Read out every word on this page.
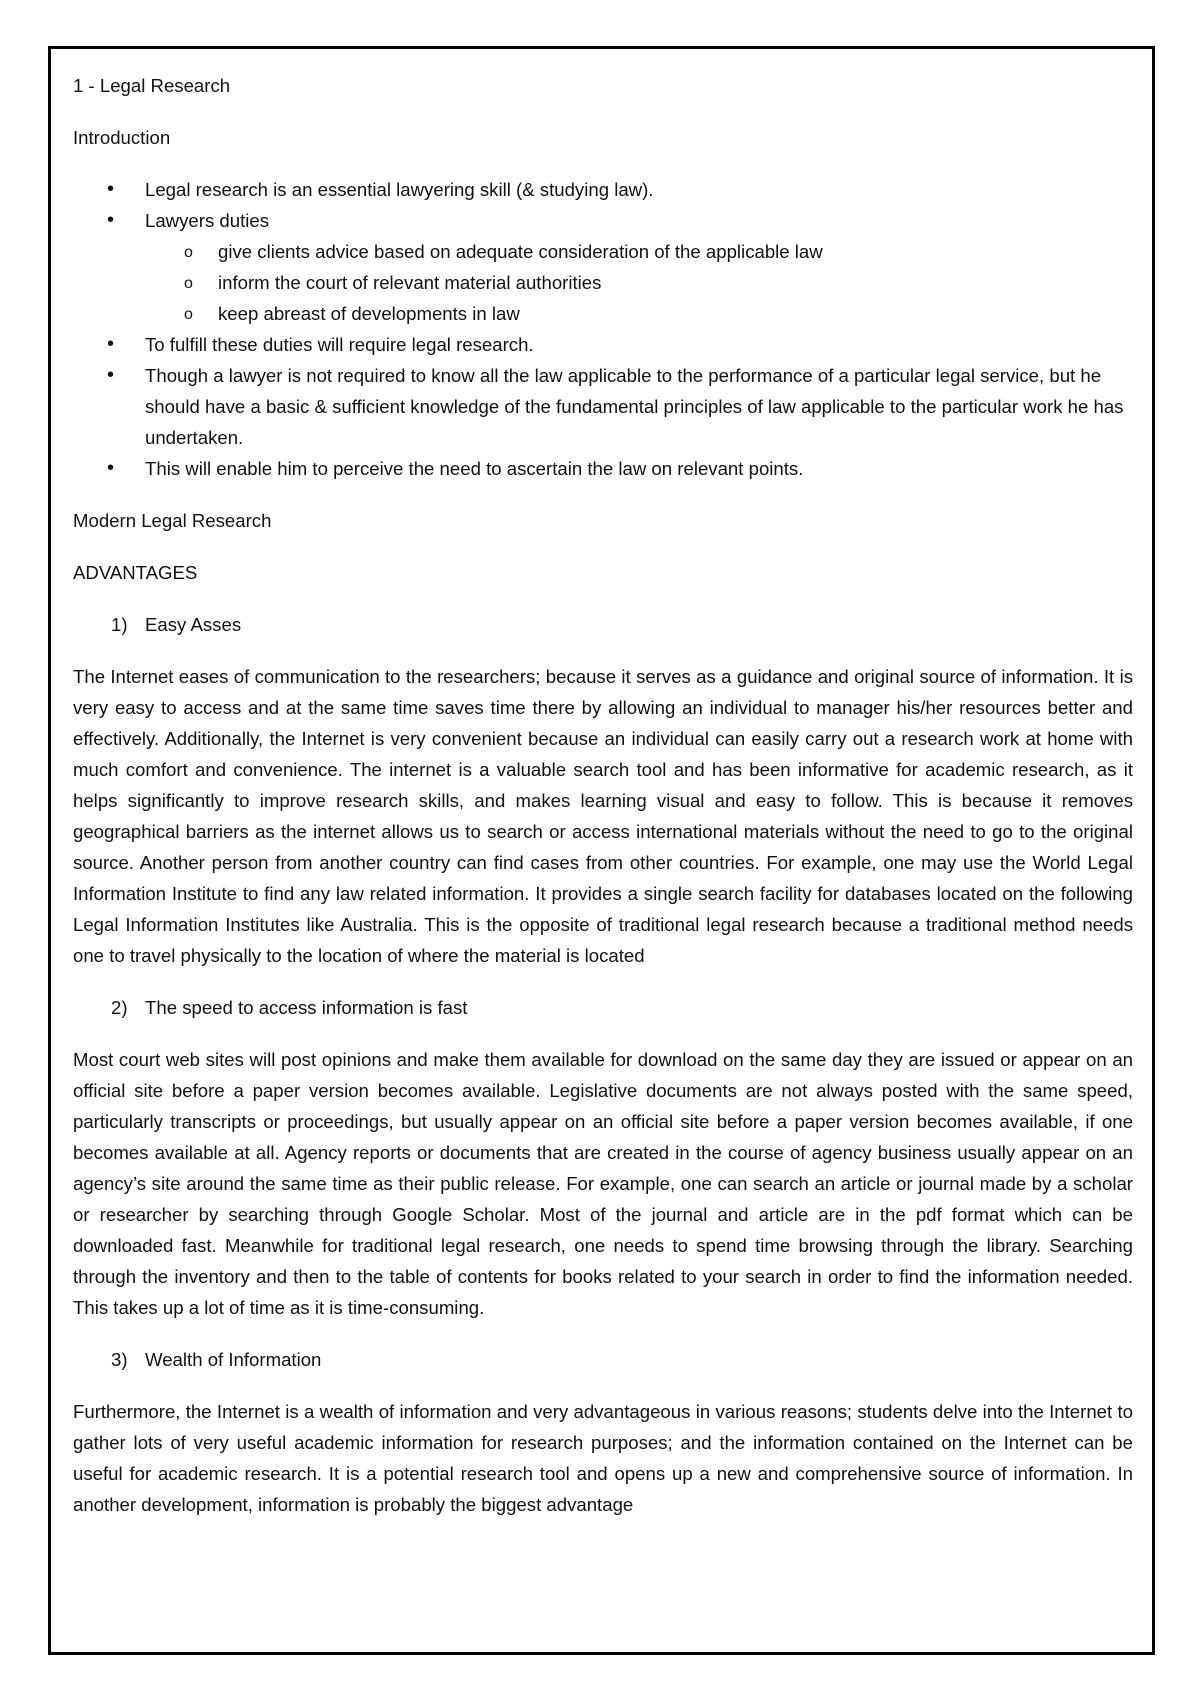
1 - Legal Research

Introduction

• Legal research is an essential lawyering skill (& studying law).
• Lawyers duties
o give clients advice based on adequate consideration of the applicable law
o inform the court of relevant material authorities
o keep abreast of developments in law
• To fulfill these duties will require legal research.
• Though a lawyer is not required to know all the law applicable to the performance of a particular legal service, but he should have a basic & sufficient knowledge of the fundamental principles of law applicable to the particular work he has undertaken.
• This will enable him to perceive the need to ascertain the law on relevant points.

Modern Legal Research

ADVANTAGES

1) Easy Asses

The Internet eases of communication to the researchers; because it serves as a guidance and original source of information. It is very easy to access and at the same time saves time there by allowing an individual to manager his/her resources better and effectively. Additionally, the Internet is very convenient because an individual can easily carry out a research work at home with much comfort and convenience. The internet is a valuable search tool and has been informative for academic research, as it helps significantly to improve research skills, and makes learning visual and easy to follow. This is because it removes geographical barriers as the internet allows us to search or access international materials without the need to go to the original source. Another person from another country can find cases from other countries. For example, one may use the World Legal Information Institute to find any law related information. It provides a single search facility for databases located on the following Legal Information Institutes like Australia. This is the opposite of traditional legal research because a traditional method needs one to travel physically to the location of where the material is located

2) The speed to access information is fast

Most court web sites will post opinions and make them available for download on the same day they are issued or appear on an official site before a paper version becomes available. Legislative documents are not always posted with the same speed, particularly transcripts or proceedings, but usually appear on an official site before a paper version becomes available, if one becomes available at all. Agency reports or documents that are created in the course of agency business usually appear on an agency’s site around the same time as their public release. For example, one can search an article or journal made by a scholar or researcher by searching through Google Scholar. Most of the journal and article are in the pdf format which can be downloaded fast. Meanwhile for traditional legal research, one needs to spend time browsing through the library. Searching through the inventory and then to the table of contents for books related to your search in order to find the information needed. This takes up a lot of time as it is time-consuming.

3) Wealth of Information

Furthermore, the Internet is a wealth of information and very advantageous in various reasons; students delve into the Internet to gather lots of very useful academic information for research purposes; and the information contained on the Internet can be useful for academic research. It is a potential research tool and opens up a new and comprehensive source of information. In another development, information is probably the biggest advantage
